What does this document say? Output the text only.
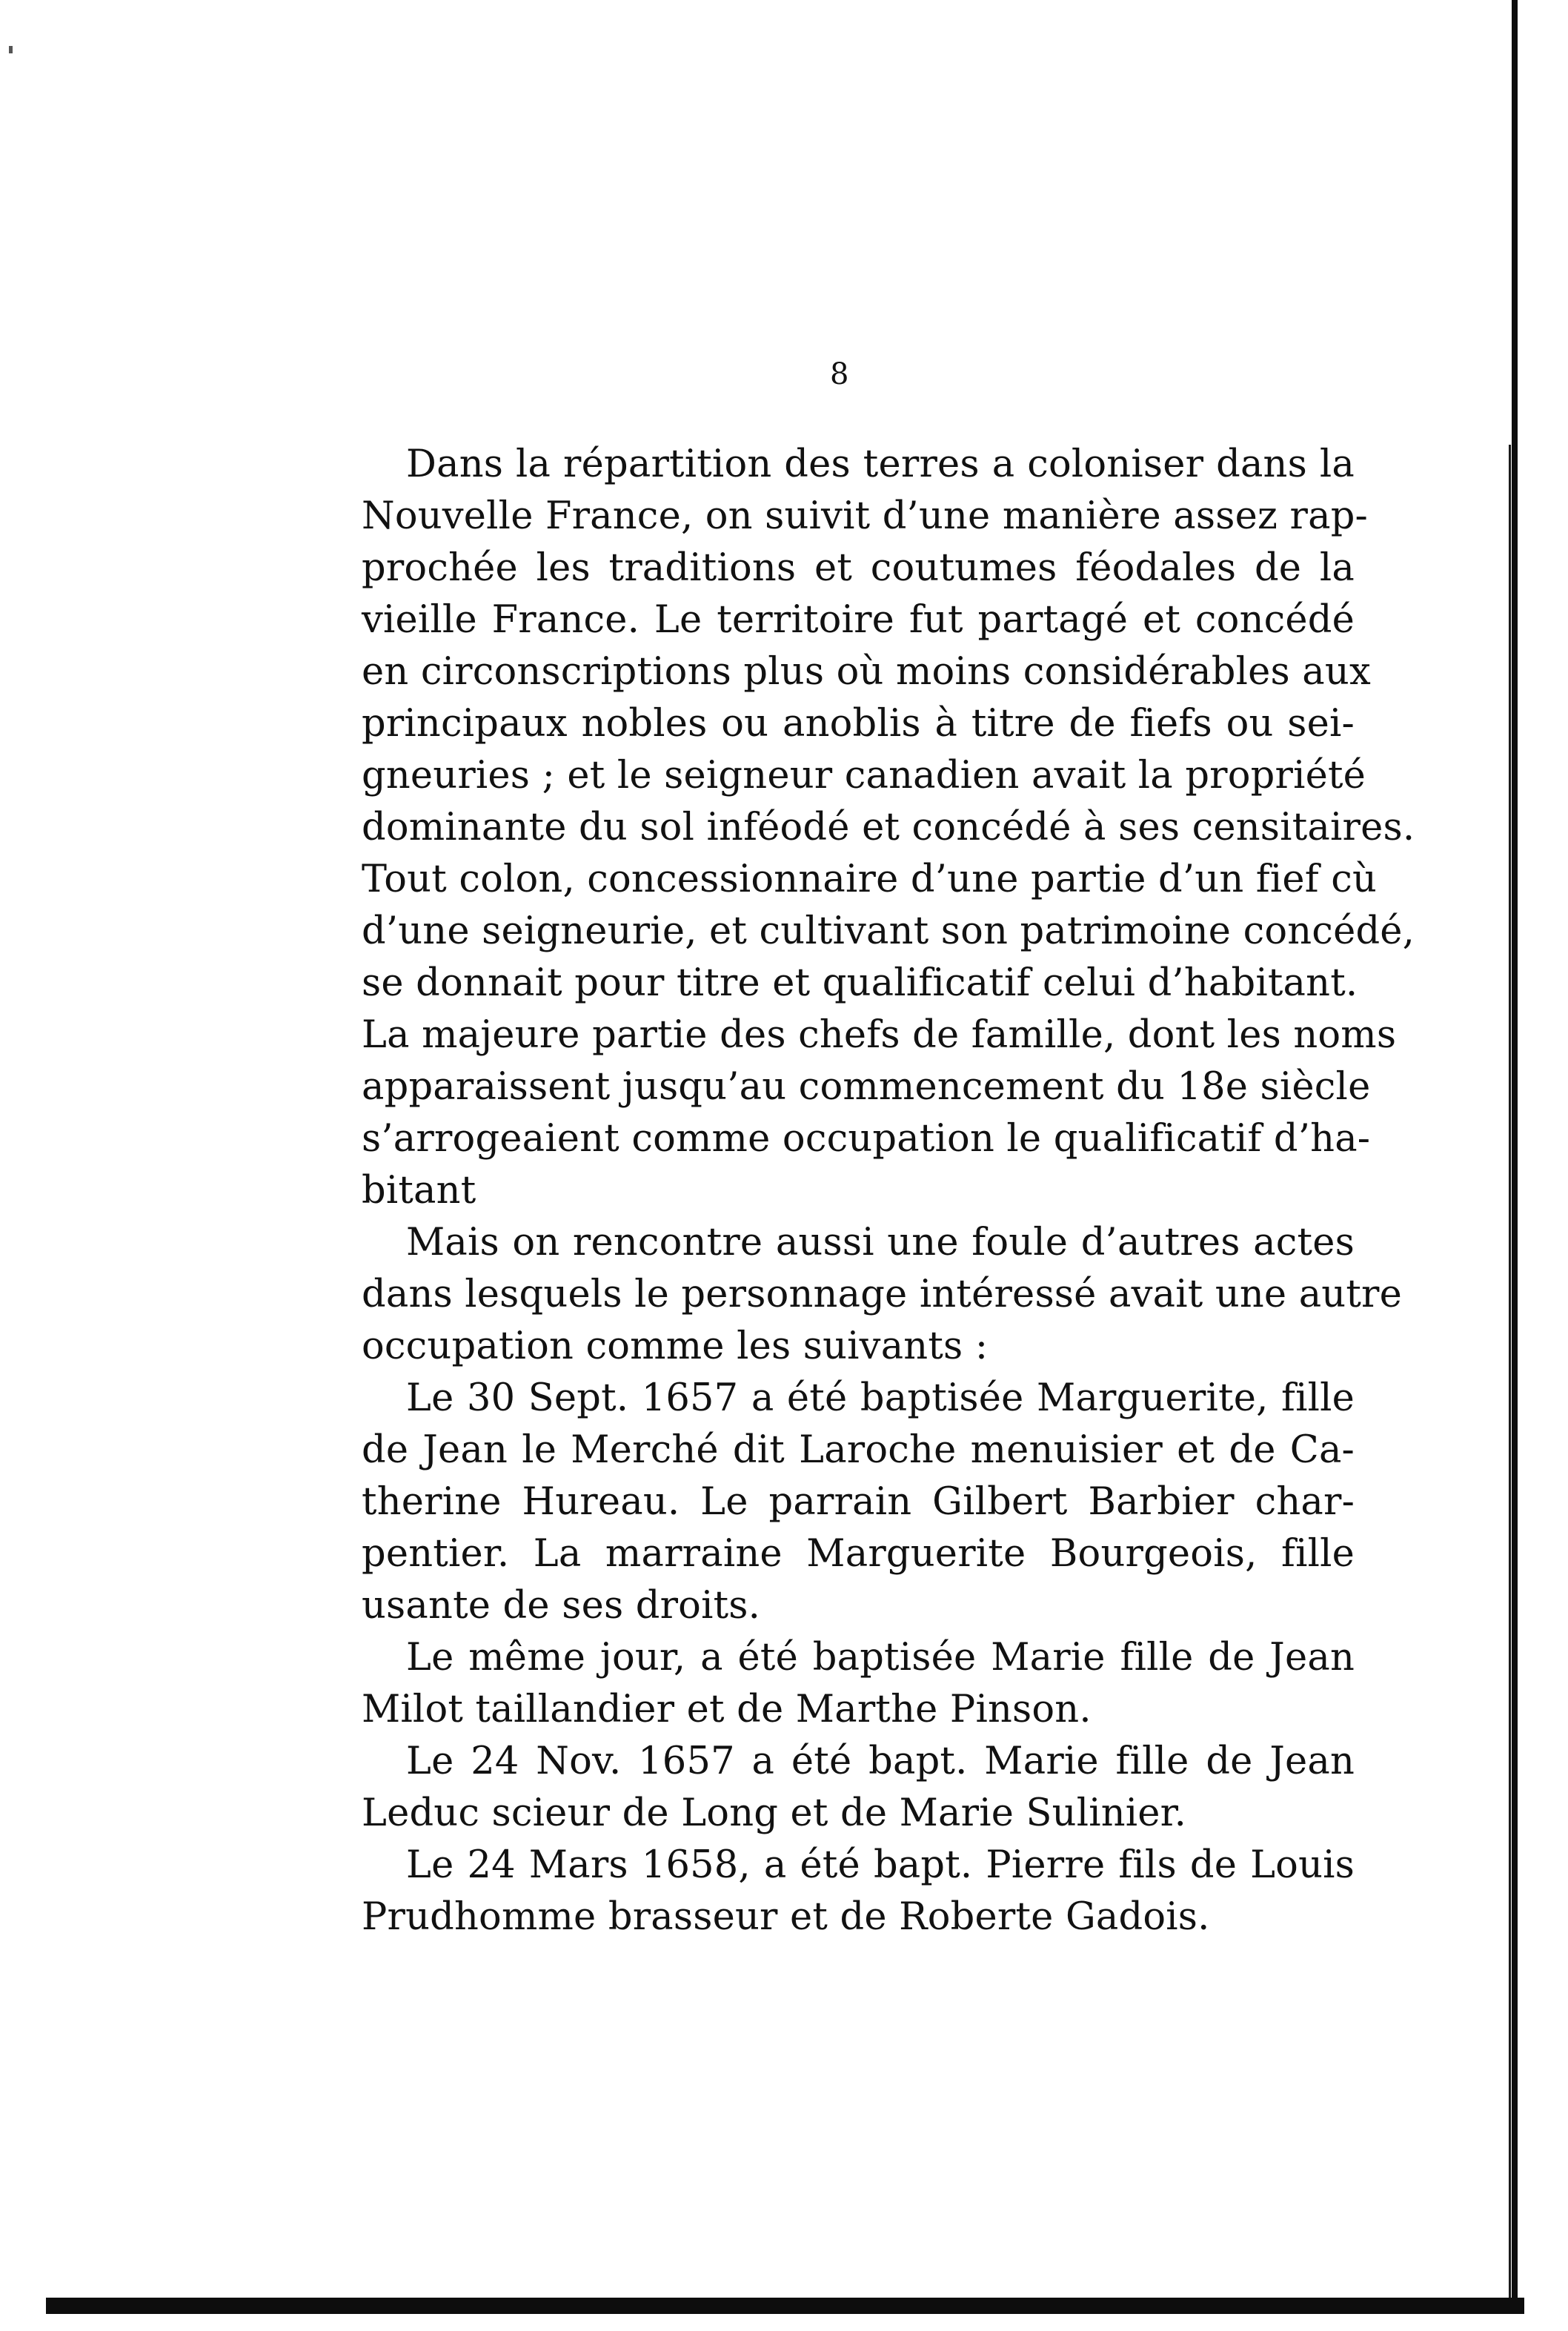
8

Dans la répartition des terres a coloniser dans la
Nouvelle France, on suivit d’une manière assez rap-
prochée les traditions et coutumes féodales de la
vieille France. Le territoire fut partagé et concédé
en circonscriptions plus où moins considérables aux
principaux nobles ou anoblis à titre de fiefs ou sei-
gneuries ; et le seigneur canadien avait la propriété
dominante du sol inféodé et concédé à ses censitaires.
Tout colon, concessionnaire d’une partie d’un fief cù
d’une seigneurie, et cultivant son patrimoine concédé,
se donnait pour titre et qualificatif celui d’habitant.
La majeure partie des chefs de famille, dont les noms
apparaissent jusqu’au commencement du 18e siècle
s’arrogeaient comme occupation le qualificatif d’ha-
bitant

Mais on rencontre aussi une foule d’autres actes
dans lesquels le personnage intéressé avait une autre
occupation comme les suivants :

Le 30 Sept. 1657 a été baptisée Marguerite, fille
de Jean le Merché dit Laroche menuisier et de Ca-
therine Hureau. Le parrain Gilbert Barbier char-
pentier. La marraine Marguerite Bourgeois, fille
usante de ses droits.

Le même jour, a été baptisée Marie fille de Jean
Milot taillandier et de Marthe Pinson.

Le 24 Nov. 1657 a été bapt. Marie fille de Jean
Leduc scieur de Long et de Marie Sulinier.

Le 24 Mars 1658, a été bapt. Pierre fils de Louis
Prudhomme brasseur et de Roberte Gadois.
